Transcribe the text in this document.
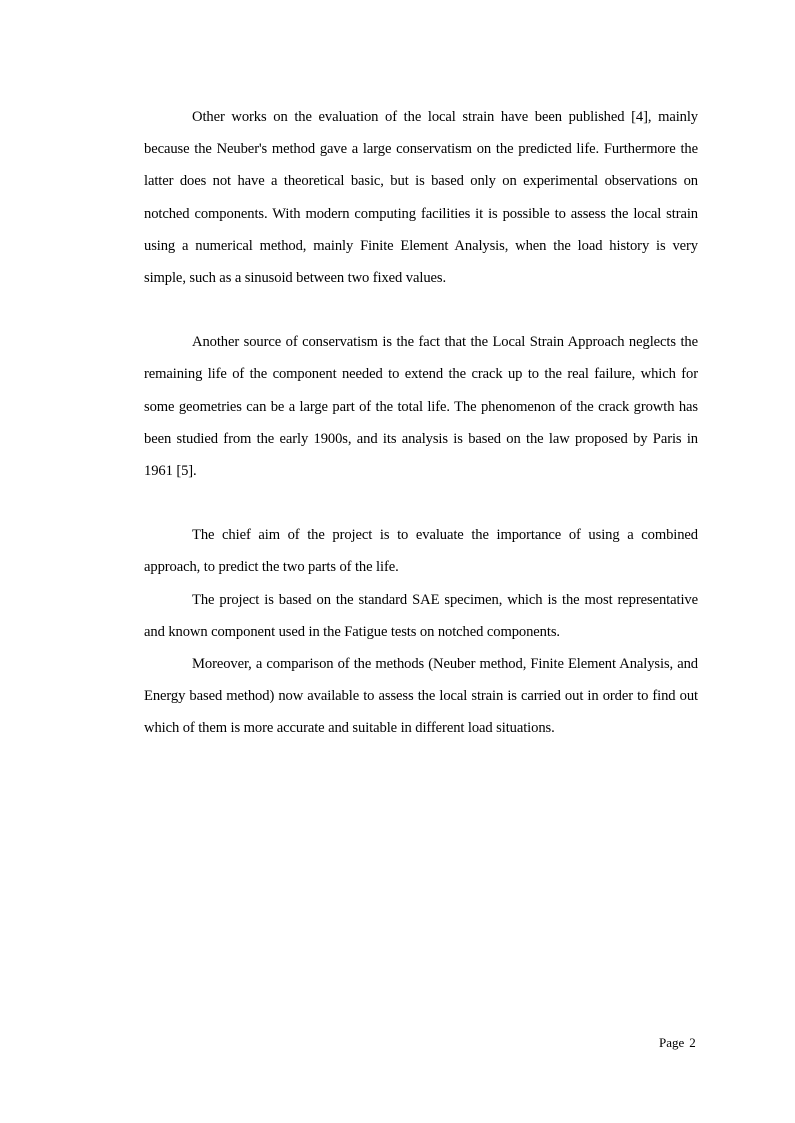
Other works on the evaluation of the local strain have been published [4], mainly because the Neuber's method gave a large conservatism on the predicted life. Furthermore the latter does not have a theoretical basic, but is based only on experimental observations on notched components. With modern computing facilities it is possible to assess the local strain using a numerical method, mainly Finite Element Analysis, when the load history is very simple, such as a sinusoid between two fixed values.

Another source of conservatism is the fact that the Local Strain Approach neglects the remaining life of the component needed to extend the crack up to the real failure, which for some geometries can be a large part of the total life. The phenomenon of the crack growth has been studied from the early 1900s, and its analysis is based on the law proposed by Paris in 1961 [5].

The chief aim of the project is to evaluate the importance of using a combined approach, to predict the two parts of the life.

The project is based on the standard SAE specimen, which is the most representative and known component used in the Fatigue tests on notched components.

Moreover, a comparison of the methods (Neuber method, Finite Element Analysis, and Energy based method) now available to assess the local strain is carried out in order to find out which of them is more accurate and suitable in different load situations.

Page 2
